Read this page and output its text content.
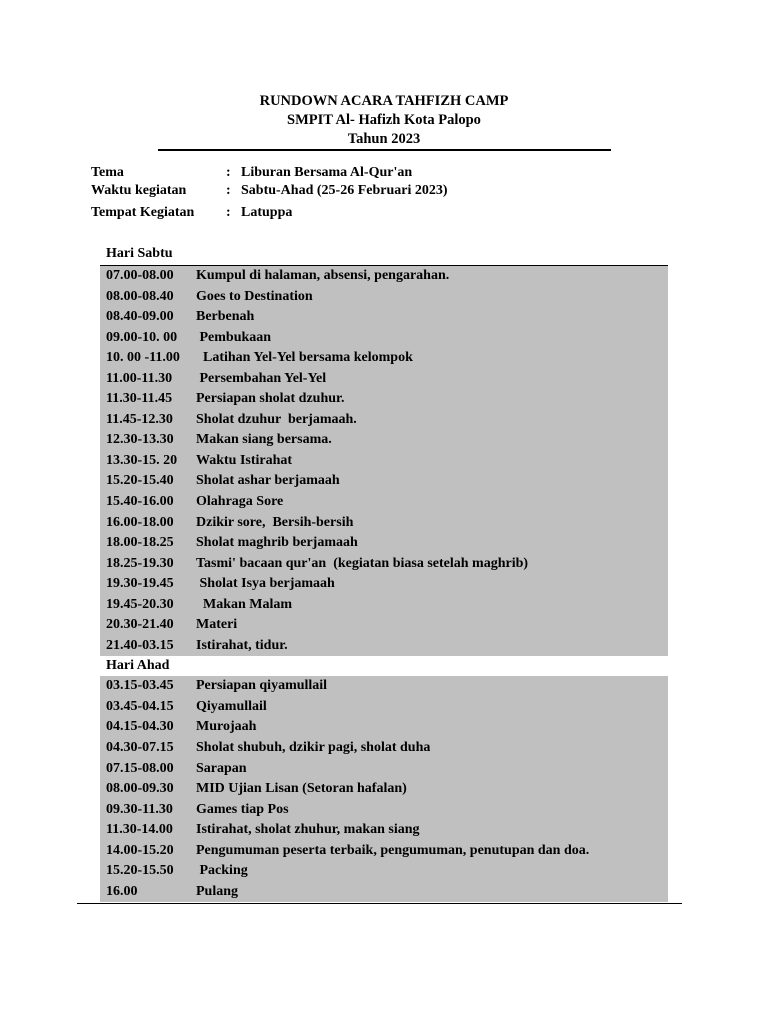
RUNDOWN ACARA TAHFIZH CAMP
SMPIT Al- Hafizh Kota Palopo
Tahun 2023
Tema	: Liburan Bersama Al-Qur'an
Waktu kegiatan	: Sabtu-Ahad (25-26 Februari 2023)
Tempat Kegiatan	: Latuppa
Hari Sabtu
07.00-08.00 Kumpul di halaman, absensi, pengarahan.
08.00-08.40 Goes to Destination
08.40-09.00 Berbenah
09.00-10. 00 Pembukaan
10. 00 -11.00 Latihan Yel-Yel bersama kelompok
11.00-11.30 Persembahan Yel-Yel
11.30-11.45 Persiapan sholat dzuhur.
11.45-12.30 Sholat dzuhur  berjamaah.
12.30-13.30 Makan siang bersama.
13.30-15. 20 Waktu Istirahat
15.20-15.40 Sholat ashar berjamaah
15.40-16.00 Olahraga Sore
16.00-18.00 Dzikir sore,  Bersih-bersih
18.00-18.25 Sholat maghrib berjamaah
18.25-19.30 Tasmi' bacaan qur'an  (kegiatan biasa setelah maghrib)
19.30-19.45 Sholat Isya berjamaah
19.45-20.30 Makan Malam
20.30-21.40 Materi
21.40-03.15 Istirahat, tidur.
Hari Ahad
03.15-03.45 Persiapan qiyamullail
03.45-04.15 Qiyamullail
04.15-04.30 Murojaah
04.30-07.15 Sholat shubuh, dzikir pagi, sholat duha
07.15-08.00 Sarapan
08.00-09.30 MID Ujian Lisan (Setoran hafalan)
09.30-11.30 Games tiap Pos
11.30-14.00 Istirahat, sholat zhuhur, makan siang
14.00-15.20 Pengumuman peserta terbaik, pengumuman, penutupan dan doa.
15.20-15.50 Packing
16.00	Pulang
